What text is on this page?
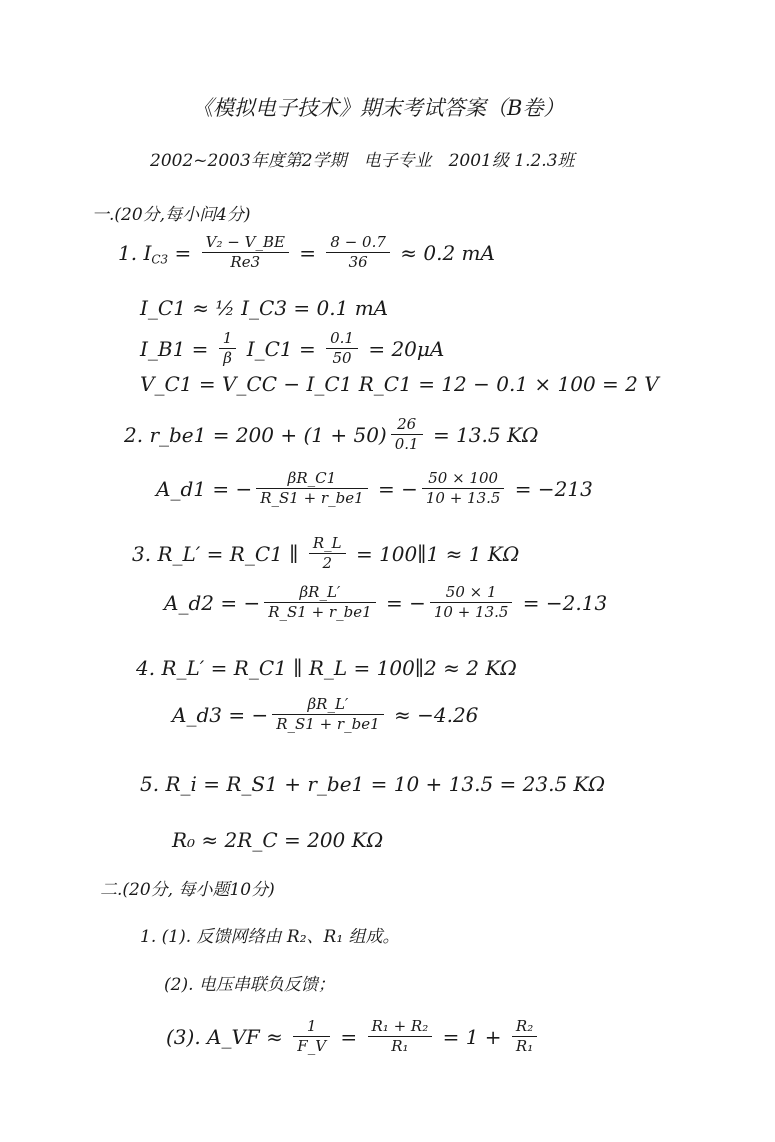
《模拟电子技术》期末考试答案（B卷）
2002~2003年度第2学期　电子专业　2001级 1.2.3班
一.(20分,每小问4分)
1. $I_{C3} = \frac{\text{V₂ − V\_BE}}{Re3} = \frac{8 - 0.7}{36} \approx 0.2$ mA
I_C1 ≈ ½ I_C3 = 0.1 mA
I_B1 = $\frac{1}{\beta}$ I_C1 = $\frac{0.1}{50} = 20\mu A$
V_C1 = V_CC − I_C1 R_C1 = 12 − 0.1 × 100 = 2 V
2. r_be1 = $200 + (1 + 50) \frac{26}{0.1} = 13.5$ KΩ
A_d1 = − $\frac{\beta R\_C1}{R\_S1 + r\_be1}$ = − $\frac{50 \times 100}{10 + 13.5} = -213$
3. R_L′ = R_C1 ∥ $\frac{R\_L}{2}$ = 100∥1 ≈ 1 KΩ
A_d2 = − $\frac{\beta R\_L'}{R\_S1 + r\_be1}$ = − $\frac{50 \times 1}{10 + 13.5} = -2.13$
4. R_L′ = R_C1 ∥ R_L = 100∥2 ≈ 2 KΩ
A_d3 = − $\frac{\beta R\_L'}{R\_S1 + r\_be1} \approx -4.26$
5. R_i = R_S1 + r_be1 = 10 + 13.5 = 23.5 KΩ
R₀ ≈ 2R_C = 200 KΩ
二.(20分, 每小题10分)
1. (1). 反馈网络由 R₂、R₁ 组成。
(2). 电压串联负反馈；
(3). A_VF ≈ $\frac{1}{F\_V} = \frac{\text{R₁ + R₂}}{\text{R₁}} = 1 + \frac{\text{R₂}}{\text{R₁}}$
